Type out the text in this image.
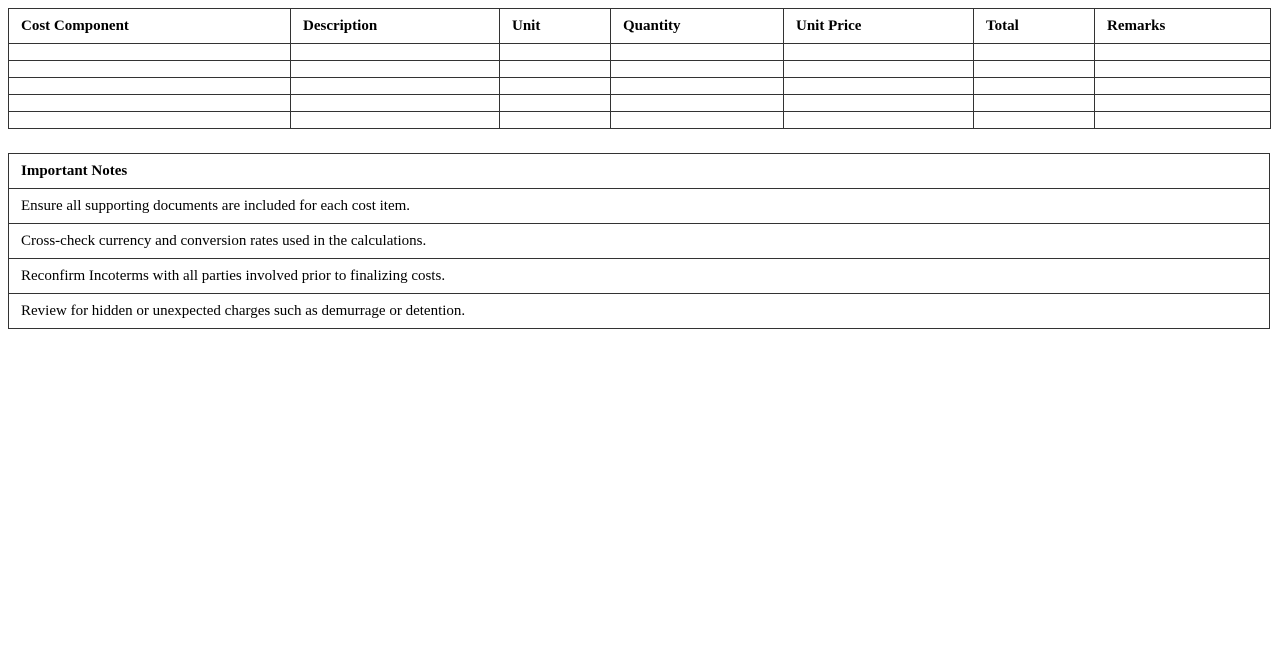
Cost Component	Description	Unit	Quantity	Unit Price	Total	Remarks

Important Notes
Ensure all supporting documents are included for each cost item.
Cross-check currency and conversion rates used in the calculations.
Reconfirm Incoterms with all parties involved prior to finalizing costs.
Review for hidden or unexpected charges such as demurrage or detention.
